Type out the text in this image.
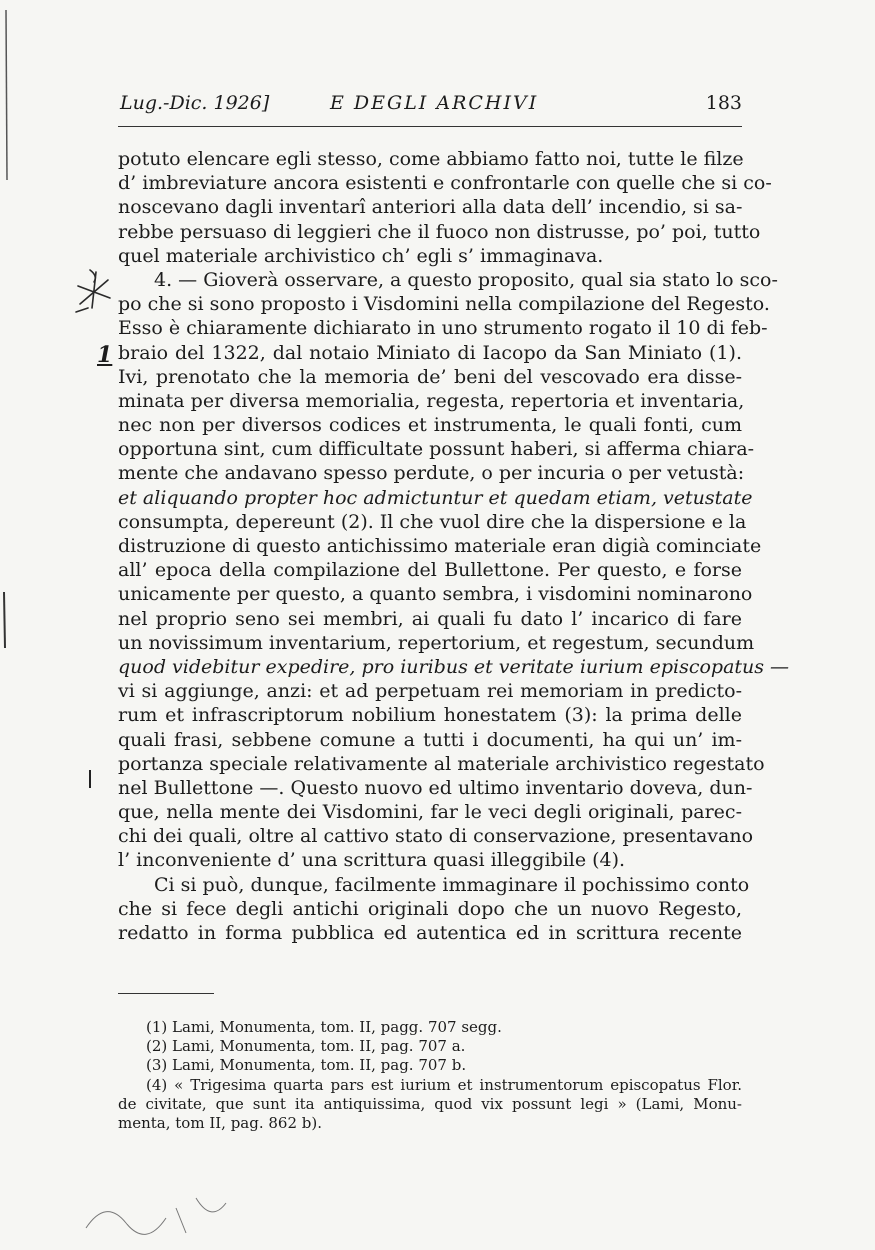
Lug.-Dic. 1926]	E DEGLI ARCHIVI	183
potuto elencare egli stesso, come abbiamo fatto noi, tutte le filze
d’ imbreviature ancora esistenti e confrontarle con quelle che si co-
noscevano dagli inventarî anteriori alla data dell’ incendio, si sa-
rebbe persuaso di leggieri che il fuoco non distrusse, po’ poi, tutto
quel materiale archivistico ch’ egli s’ immaginava.
4. — Gioverà osservare, a questo proposito, qual sia stato lo sco-
po che si sono proposto i Visdomini nella compilazione del Regesto.
Esso è chiaramente dichiarato in uno strumento rogato il 10 di feb-
braio del 1322, dal notaio Miniato di Iacopo da San Miniato (1).
Ivi, prenotato che la memoria de’ beni del vescovado era disse-
minata per diversa memorialia, regesta, repertoria et inventaria,
nec non per diversos codices et instrumenta, le quali fonti, cum
opportuna sint, cum difficultate possunt haberi, si afferma chiara-
mente che andavano spesso perdute, o per incuria o per vetustà:
et aliquando propter hoc admictuntur et quedam etiam, vetustate
consumpta, depereunt (2). Il che vuol dire che la dispersione e la
distruzione di questo antichissimo materiale eran digià cominciate
all’ epoca della compilazione del Bullettone. Per questo, e forse
unicamente per questo, a quanto sembra, i visdomini nominarono
nel proprio seno sei membri, ai quali fu dato l’ incarico di fare
un novissimum inventarium, repertorium, et regestum, secundum
quod videbitur expedire, pro iuribus et veritate iurium episcopatus —
vi si aggiunge, anzi: et ad perpetuam rei memoriam in predicto-
rum et infrascriptorum nobilium honestatem (3): la prima delle
quali frasi, sebbene comune a tutti i documenti, ha qui un’ im-
portanza speciale relativamente al materiale archivistico regestato
nel Bullettone —. Questo nuovo ed ultimo inventario doveva, dun-
que, nella mente dei Visdomini, far le veci degli originali, parec-
chi dei quali, oltre al cattivo stato di conservazione, presentavano
l’ inconveniente d’ una scrittura quasi illeggibile (4).
Ci si può, dunque, facilmente immaginare il pochissimo conto
che si fece degli antichi originali dopo che un nuovo Regesto,
redatto in forma pubblica ed autentica ed in scrittura recente
(1) Lami, Monumenta, tom. II, pagg. 707 segg.
(2) Lami, Monumenta, tom. II, pag. 707 a.
(3) Lami, Monumenta, tom. II, pag. 707 b.
(4) « Trigesima quarta pars est iurium et instrumentorum episcopatus Flor.
de civitate, que sunt ita antiquissima, quod vix possunt legi » (Lami, Monu-
menta, tom II, pag. 862 b).
1
